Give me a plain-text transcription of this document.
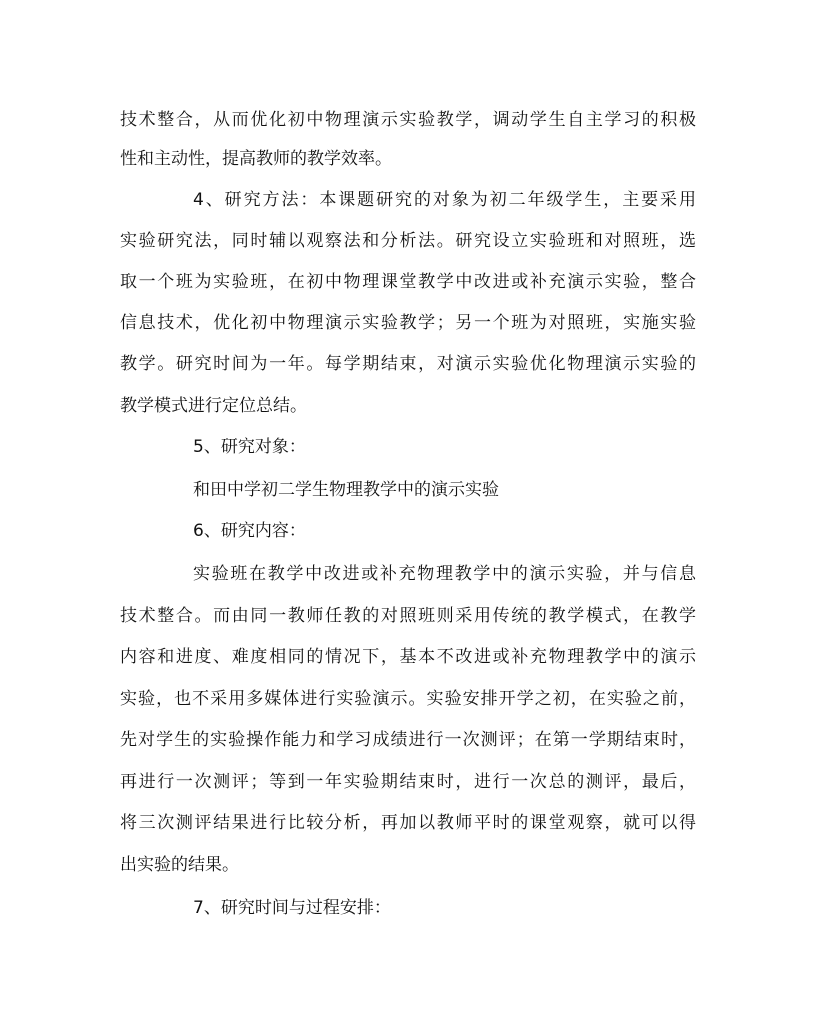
技术整合，从而优化初中物理演示实验教学，调动学生自主学习的积极
性和主动性，提高教师的教学效率。
4、研究方法：本课题研究的对象为初二年级学生，主要采用
实验研究法，同时辅以观察法和分析法。研究设立实验班和对照班，选
取一个班为实验班，在初中物理课堂教学中改进或补充演示实验，整合
信息技术，优化初中物理演示实验教学；另一个班为对照班，实施实验
教学。研究时间为一年。每学期结束，对演示实验优化物理演示实验的
教学模式进行定位总结。
5、研究对象：
和田中学初二学生物理教学中的演示实验
6、研究内容：
实验班在教学中改进或补充物理教学中的演示实验，并与信息
技术整合。而由同一教师任教的对照班则采用传统的教学模式，在教学
内容和进度、难度相同的情况下，基本不改进或补充物理教学中的演示
实验，也不采用多媒体进行实验演示。实验安排开学之初，在实验之前，
先对学生的实验操作能力和学习成绩进行一次测评；在第一学期结束时，
再进行一次测评；等到一年实验期结束时，进行一次总的测评，最后，
将三次测评结果进行比较分析，再加以教师平时的课堂观察，就可以得
出实验的结果。
7、研究时间与过程安排：
